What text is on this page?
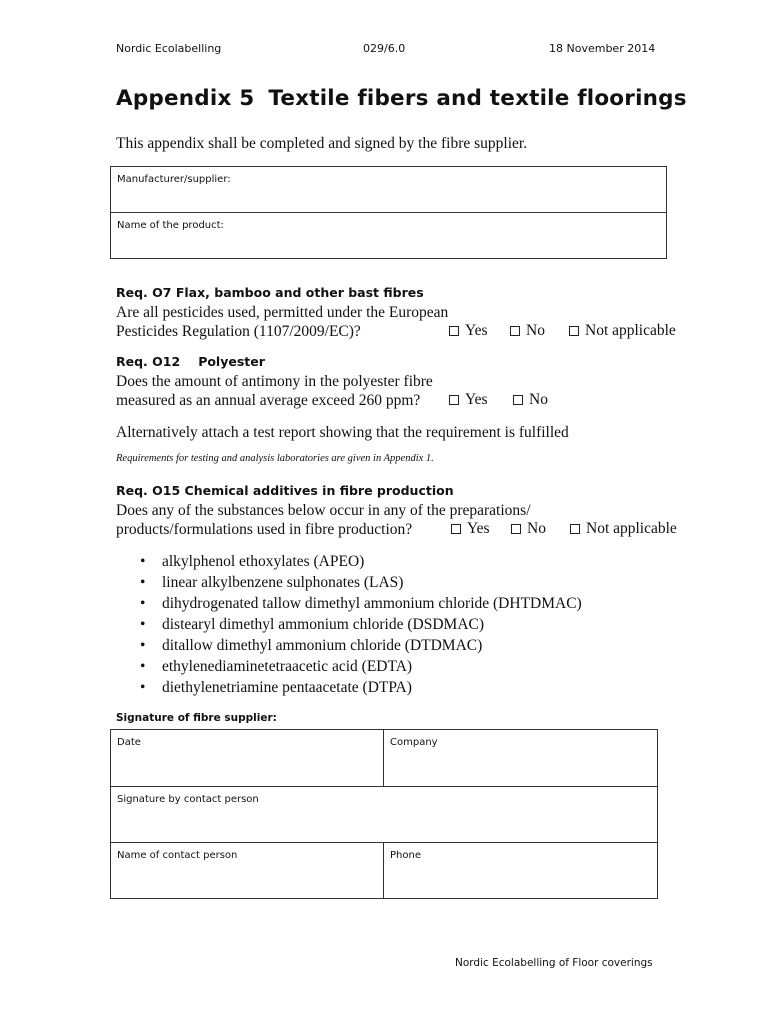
Nordic Ecolabelling	029/6.0	18 November 2014
Appendix 5 Textile fibers and textile floorings
This appendix shall be completed and signed by the fibre supplier.
Manufacturer/supplier:
Name of the product:
Req. O7 Flax, bamboo and other bast fibres
Are all pesticides used, permitted under the European
Pesticides Regulation (1107/2009/EC)?	Yes	No	Not applicable
Req. O12 Polyester
Does the amount of antimony in the polyester fibre
measured as an annual average exceed 260 ppm?	Yes	No
Alternatively attach a test report showing that the requirement is fulfilled
Requirements for testing and analysis laboratories are given in Appendix 1.
Req. O15 Chemical additives in fibre production
Does any of the substances below occur in any of the preparations/
products/formulations used in fibre production?	Yes	No	Not applicable
• alkylphenol ethoxylates (APEO)
• linear alkylbenzene sulphonates (LAS)
• dihydrogenated tallow dimethyl ammonium chloride (DHTDMAC)
• distearyl dimethyl ammonium chloride (DSDMAC)
• ditallow dimethyl ammonium chloride (DTDMAC)
• ethylenediaminetetraacetic acid (EDTA)
• diethylenetriamine pentaacetate (DTPA)
Signature of fibre supplier:
Date	Company
Signature by contact person
Name of contact person	Phone
Nordic Ecolabelling of Floor coverings
